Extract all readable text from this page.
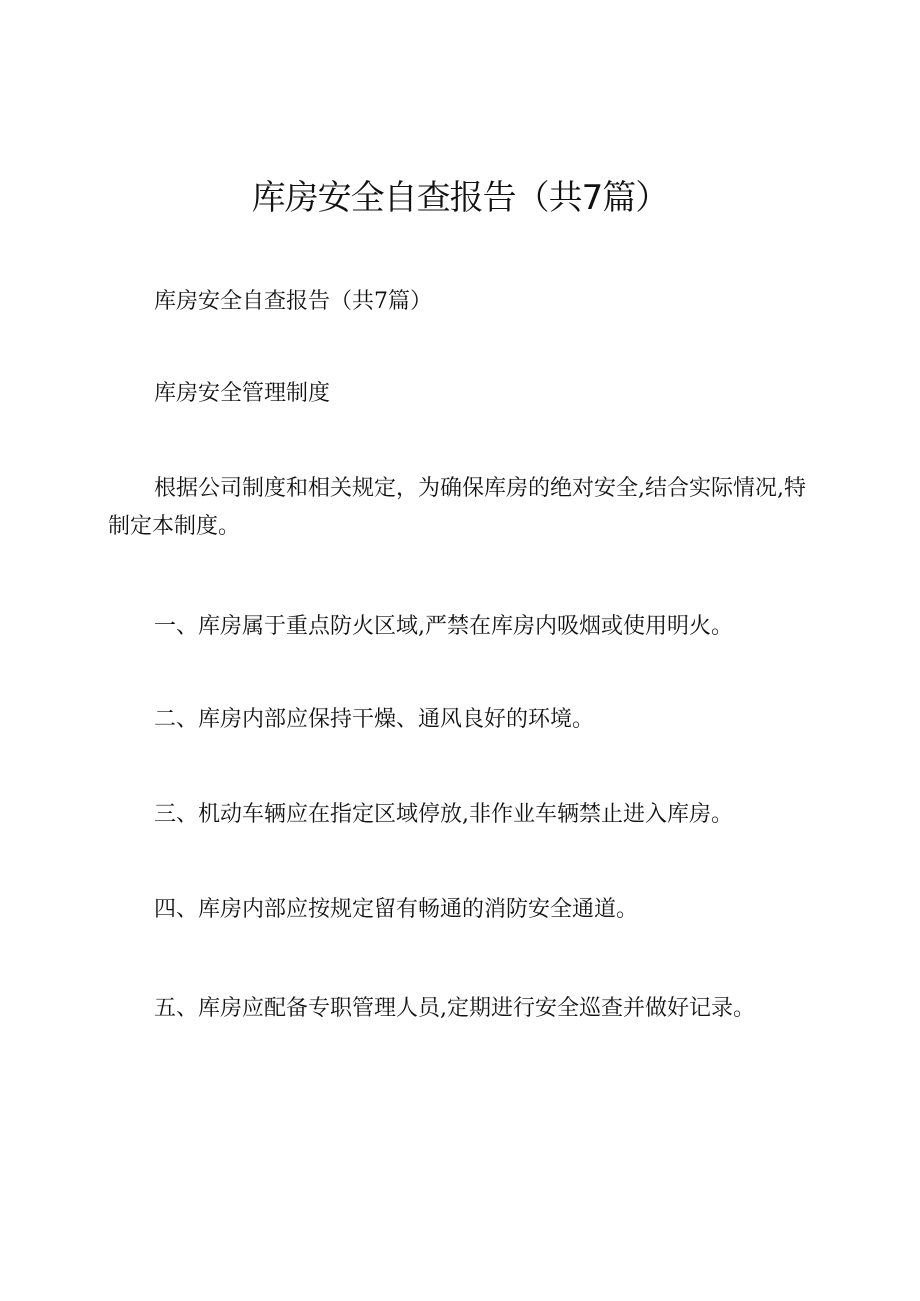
库房安全自查报告（共7篇）

库房安全自查报告（共7篇）

库房安全管理制度

根据公司制度和相关规定，为确保库房的绝对安全,结合实际情况,特制定本制度。

一、库房属于重点防火区域,严禁在库房内吸烟或使用明火。

二、库房内部应保持干燥、通风良好的环境。

三、机动车辆应在指定区域停放,非作业车辆禁止进入库房。

四、库房内部应按规定留有畅通的消防安全通道。

五、库房应配备专职管理人员,定期进行安全巡查并做好记录。
